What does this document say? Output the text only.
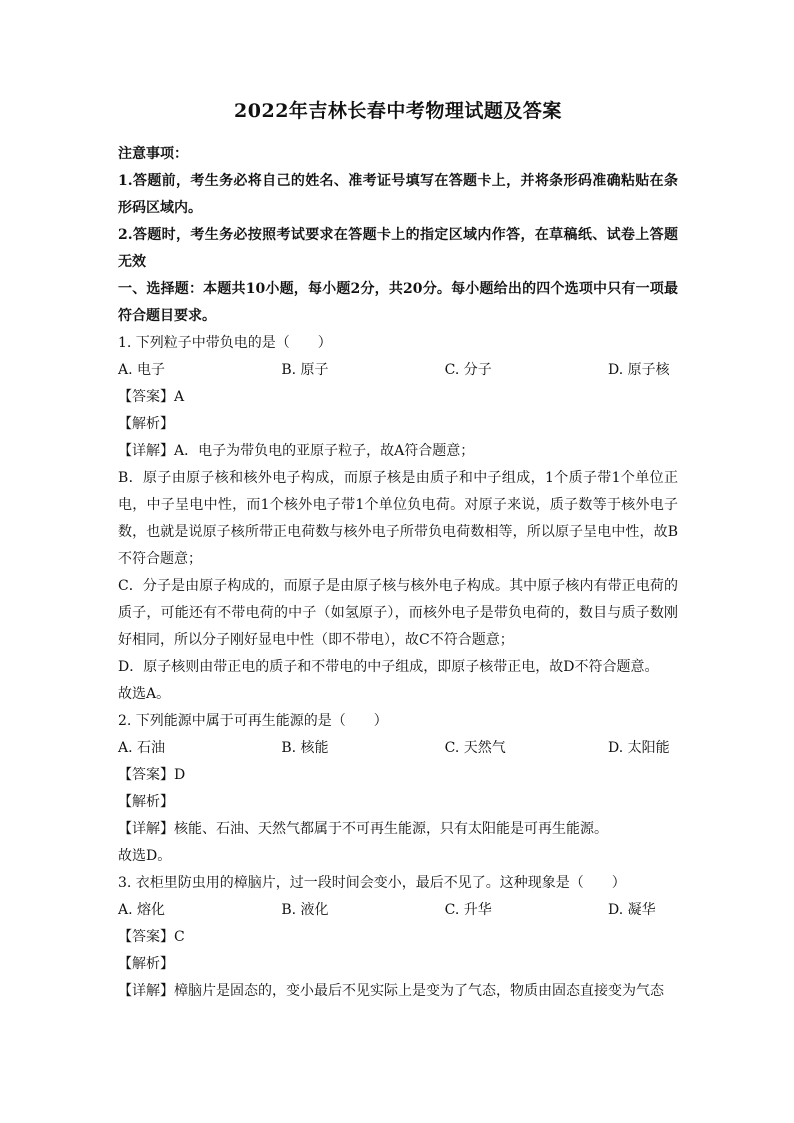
2022年吉林长春中考物理试题及答案
注意事项：
1.答题前，考生务必将自己的姓名、准考证号填写在答题卡上，并将条形码准确粘贴在条形码区域内。
2.答题时，考生务必按照考试要求在答题卡上的指定区域内作答，在草稿纸、试卷上答题无效
一、选择题：本题共10小题，每小题2分，共20分。每小题给出的四个选项中只有一项最符合题目要求。
1. 下列粒子中带负电的是（　　）
A. 电子	B. 原子	C. 分子	D. 原子核
【答案】A
【解析】
【详解】A．电子为带负电的亚原子粒子，故A符合题意；
B．原子由原子核和核外电子构成，而原子核是由质子和中子组成，1个质子带1个单位正电，中子呈电中性，而1个核外电子带1个单位负电荷。对原子来说，质子数等于核外电子数，也就是说原子核所带正电荷数与核外电子所带负电荷数相等，所以原子呈电中性，故B不符合题意；
C．分子是由原子构成的，而原子是由原子核与核外电子构成。其中原子核内有带正电荷的质子，可能还有不带电荷的中子（如氢原子），而核外电子是带负电荷的，数目与质子数刚好相同，所以分子刚好显电中性（即不带电），故C不符合题意；
D．原子核则由带正电的质子和不带电的中子组成，即原子核带正电，故D不符合题意。
故选A。
2. 下列能源中属于可再生能源的是（　　）
A. 石油	B. 核能	C. 天然气	D. 太阳能
【答案】D
【解析】
【详解】核能、石油、天然气都属于不可再生能源，只有太阳能是可再生能源。
故选D。
3. 衣柜里防虫用的樟脑片，过一段时间会变小，最后不见了。这种现象是（　　）
A. 熔化	B. 液化	C. 升华	D. 凝华
【答案】C
【解析】
【详解】樟脑片是固态的，变小最后不见实际上是变为了气态，物质由固态直接变为气态
